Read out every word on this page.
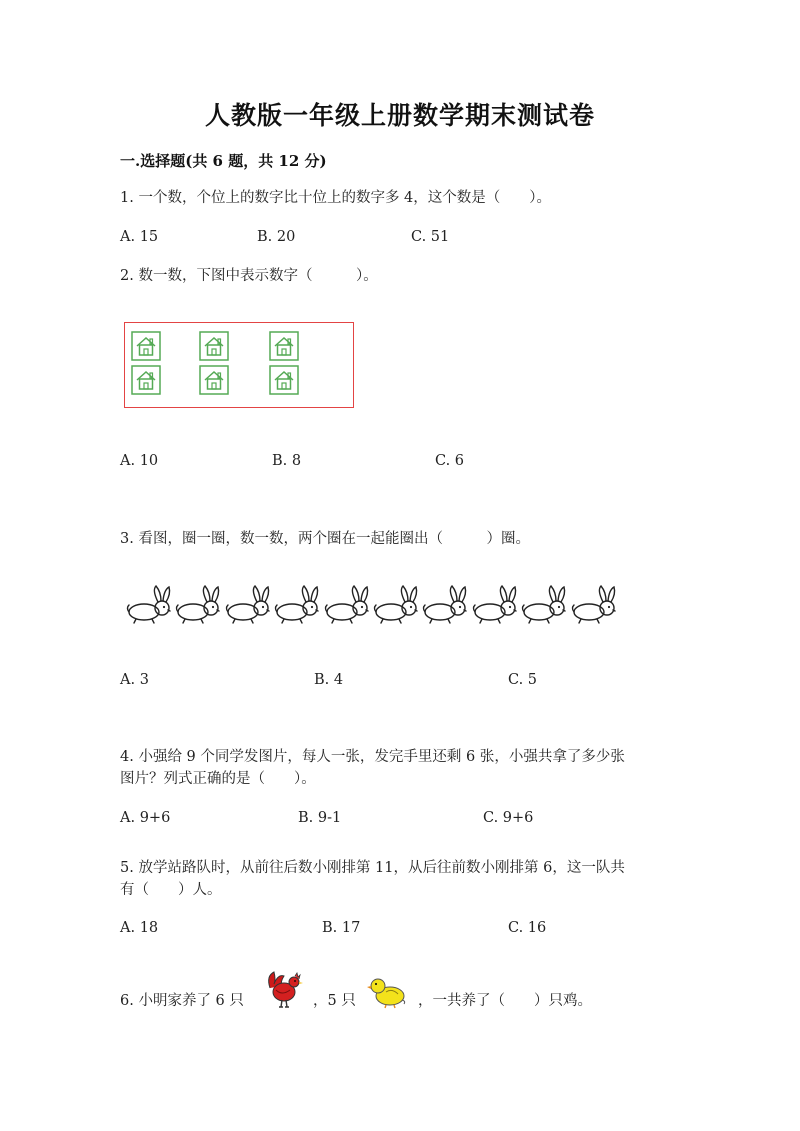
人教版一年级上册数学期末测试卷
一.选择题(共 6 题，共 12 分)
1. 一个数，个位上的数字比十位上的数字多 4，这个数是（　　）。
A. 15	B. 20	C. 51
2. 数一数，下图中表示数字（　　　）。
A. 10	B. 8	C. 6
3. 看图，圈一圈，数一数，两个圈在一起能圈出（　　　）圈。
A. 3	B. 4	C. 5
4. 小强给 9 个同学发图片，每人一张，发完手里还剩 6 张，小强共拿了多少张
图片？列式正确的是（　　）。
A. 9+6	B. 9-1	C. 9+6
5. 放学站路队时，从前往后数小刚排第 11，从后往前数小刚排第 6，这一队共
有（　　）人。
A. 18	B. 17	C. 16
6. 小明家养了 6 只	，5 只	，一共养了（　　）只鸡。
